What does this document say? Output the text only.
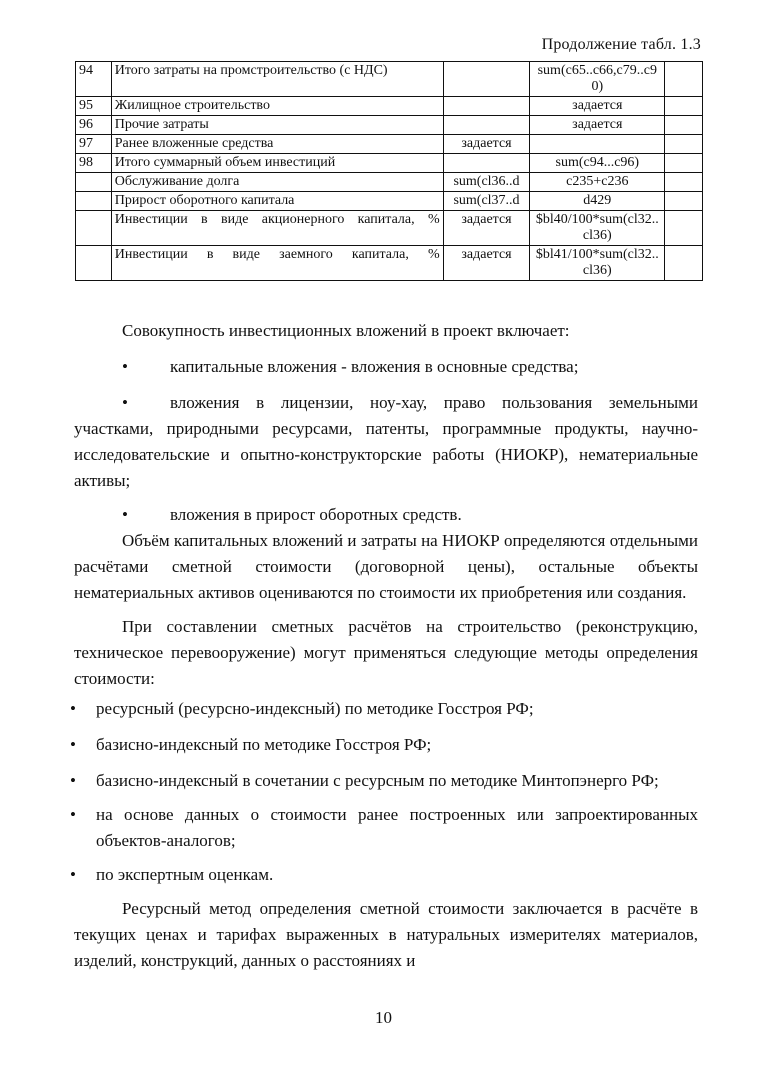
Продолжение табл. 1.3
94	Итого затраты на промстроительство (с НДС)		sum(c65..c66,c79..c90)	
95	Жилищное строительство		задается	
96	Прочие затраты		задается	
97	Ранее вложенные средства	задается		
98	Итого суммарный объем инвестиций		sum(c94...c96)	
	Обслуживание долга	sum(cl36..d	c235+c236	
	Прирост оборотного капитала	sum(cl37..d	d429	
	Инвестиции в виде акционерного капитала, %	задается	$bl40/100*sum(cl32..cl36)	
	Инвестиции в виде заемного капитала, %	задается	$bl41/100*sum(cl32..cl36)	

Совокупность инвестиционных вложений в проект включает:

• капитальные вложения - вложения в основные средства;

• вложения в лицензии, ноу-хау, право пользования земельными участками, природными ресурсами, патенты, программные продукты, научно-исследовательские и опытно-конструкторские работы (НИОКР), нематериальные активы;

• вложения в прирост оборотных средств.

Объём капитальных вложений и затраты на НИОКР определяются отдельными расчётами сметной стоимости (договорной цены), остальные объекты нематериальных активов оцениваются по стоимости их приобретения или создания.

При составлении сметных расчётов на строительство (реконструкцию, техническое перевооружение) могут применяться следующие методы определения стоимости:

• ресурсный (ресурсно-индексный) по методике Госстроя РФ;

• базисно-индексный по методике Госстроя РФ;

• базисно-индексный в сочетании с ресурсным по методике Минтопэнерго РФ;

• на основе данных о стоимости ранее построенных или запроектированных объектов-аналогов;

• по экспертным оценкам.

Ресурсный метод определения сметной стоимости заключается в расчёте в текущих ценах и тарифах выраженных в натуральных измерителях материалов, изделий, конструкций, данных о расстояниях и

10
